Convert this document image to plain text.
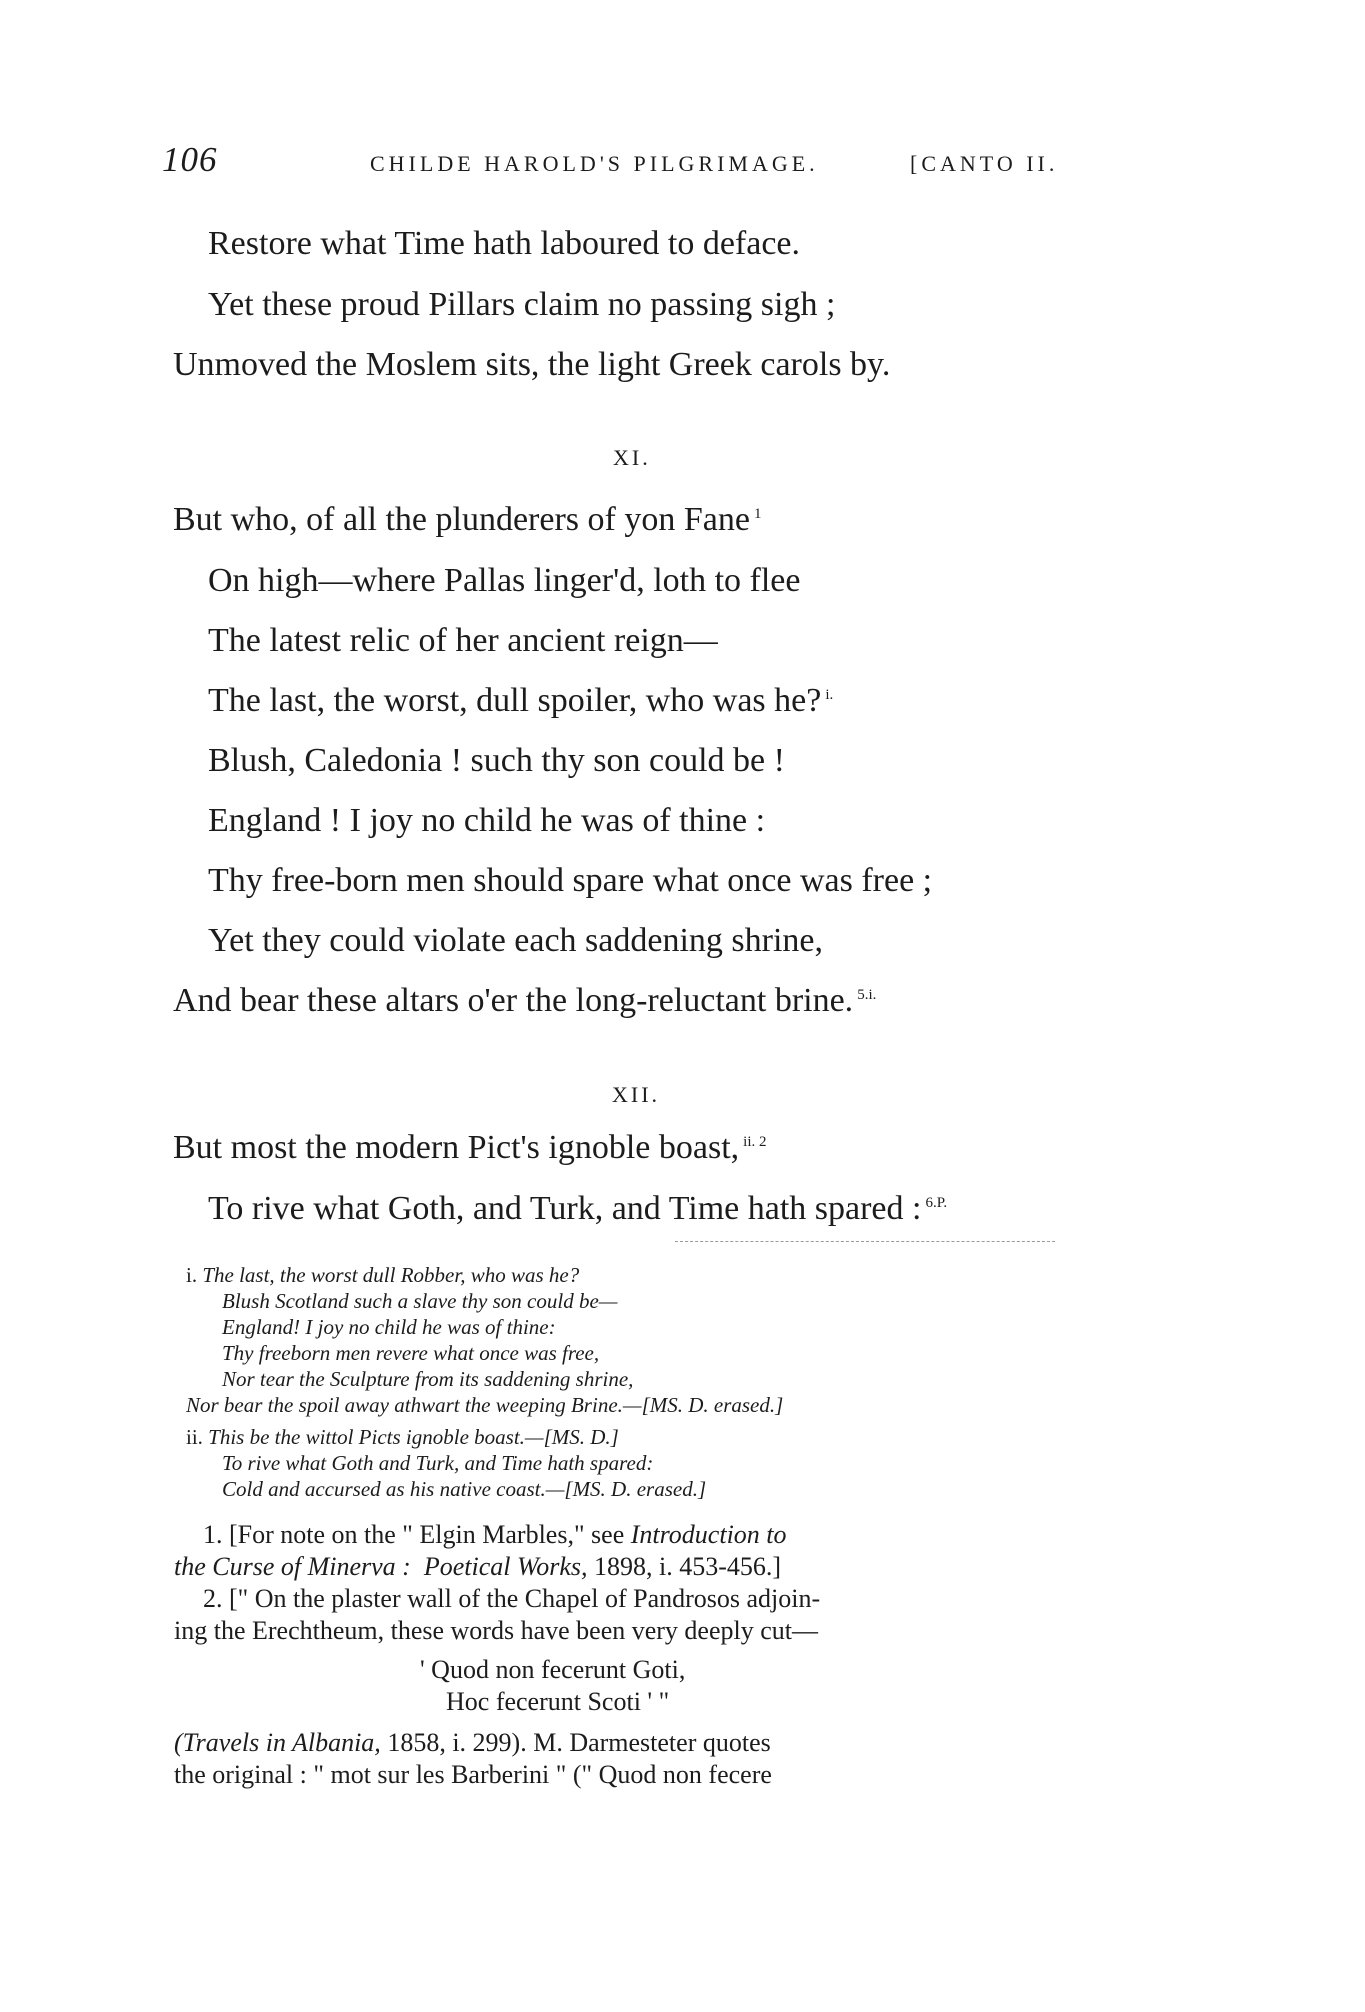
106	CHILDE HAROLD'S PILGRIMAGE.	[CANTO II.
Restore what Time hath laboured to deface.
Yet these proud Pillars claim no passing sigh ;
Unmoved the Moslem sits, the light Greek carols by.
XI.
But who, of all the plunderers of yon Fane $^1$
On high—where Pallas linger'd, loth to flee
The latest relic of her ancient reign—
The last, the worst, dull spoiler, who was he? $^{i.}$
Blush, Caledonia ! such thy son could be !
England ! I joy no child he was of thine :
Thy free-born men should spare what once was free ;
Yet they could violate each saddening shrine,
And bear these altars o'er the long-reluctant brine. $^{5.i.}$
XII.
But most the modern Pict's ignoble boast, $^{ii. 2}$
To rive what Goth, and Turk, and Time hath spared : $^{6.P.}$
i. The last, the worst dull Robber, who was he?
Blush Scotland such a slave thy son could be—
England! I joy no child he was of thine:
Thy freeborn men revere what once was free,
Nor tear the Sculpture from its saddening shrine,
Nor bear the spoil away athwart the weeping Brine.—[MS. D. erased.]
ii. This be the wittol Picts ignoble boast.—[MS. D.]
To rive what Goth and Turk, and Time hath spared:
Cold and accursed as his native coast.—[MS. D. erased.]
1. [For note on the " Elgin Marbles," see Introduction to
the Curse of Minerva : Poetical Works, 1898, i. 453-456.]
2. [" On the plaster wall of the Chapel of Pandrosos adjoin-
ing the Erechtheum, these words have been very deeply cut—
' Quod non fecerunt Goti,
Hoc fecerunt Scoti ' "
(Travels in Albania, 1858, i. 299). M. Darmesteter quotes
the original : " mot sur les Barberini " (" Quod non fecere
